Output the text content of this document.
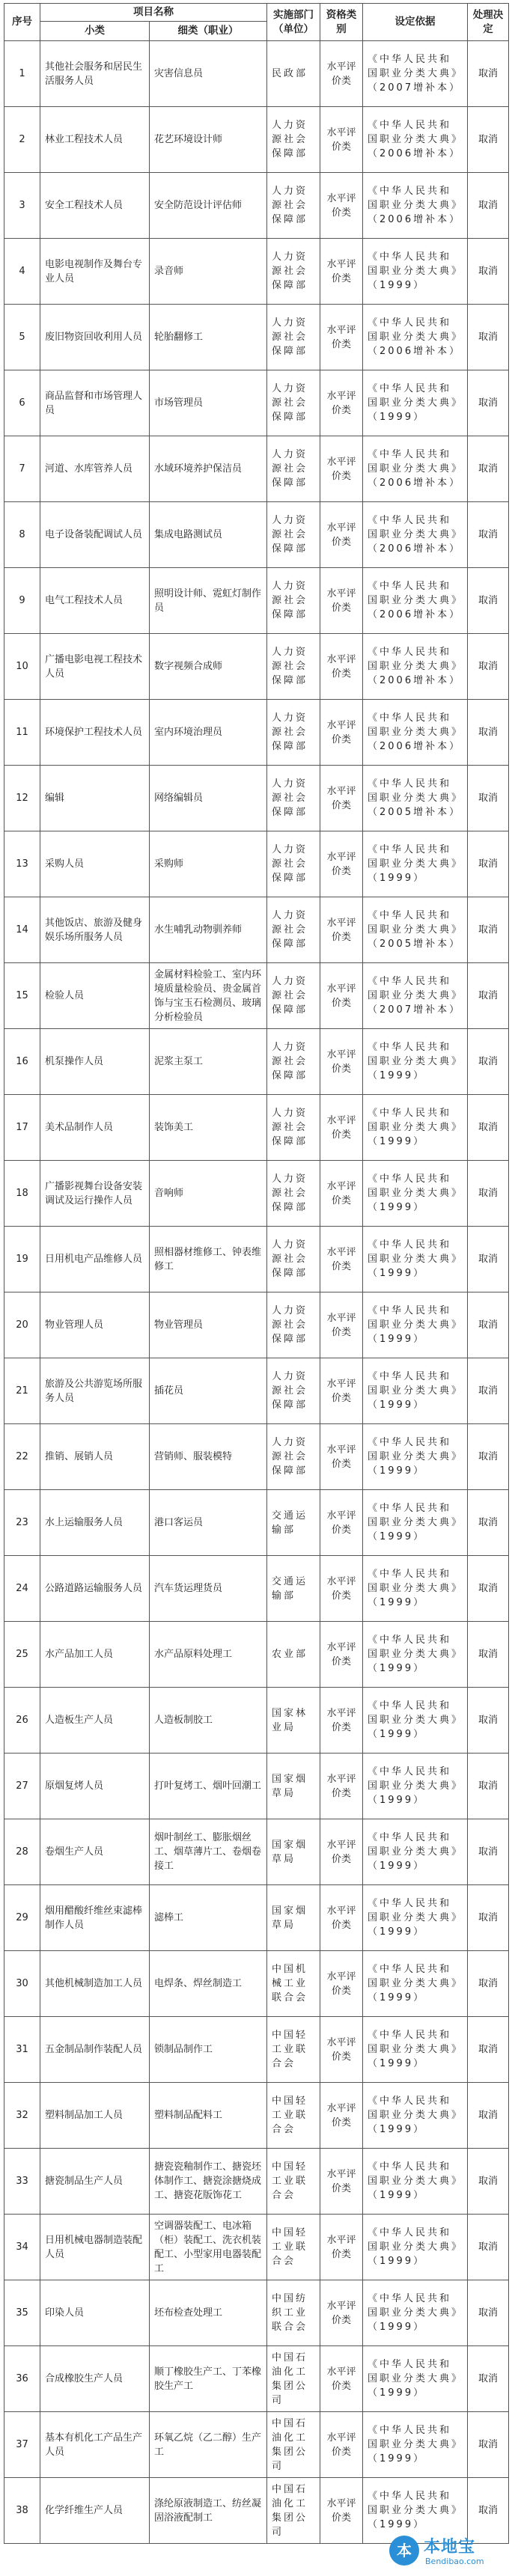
序号	项目名称		实施部门（单位）	资格类别	设定依据	处理决定
	小类	细类（职业）				
1	其他社会服务和居民生活服务人员	灾害信息员	民政部	水平评价类	《中华人民共和国职业分类大典》（2007增补本）	取消
2	林业工程技术人员	花艺环境设计师	人力资源社会保障部	水平评价类	《中华人民共和国职业分类大典》（2006增补本）	取消
3	安全工程技术人员	安全防范设计评估师	人力资源社会保障部	水平评价类	《中华人民共和国职业分类大典》（2006增补本）	取消
4	电影电视制作及舞台专业人员	录音师	人力资源社会保障部	水平评价类	《中华人民共和国职业分类大典》（1999）	取消
5	废旧物资回收利用人员	轮胎翻修工	人力资源社会保障部	水平评价类	《中华人民共和国职业分类大典》（2006增补本）	取消
6	商品监督和市场管理人员	市场管理员	人力资源社会保障部	水平评价类	《中华人民共和国职业分类大典》（1999）	取消
7	河道、水库管养人员	水域环境养护保洁员	人力资源社会保障部	水平评价类	《中华人民共和国职业分类大典》（2006增补本）	取消
8	电子设备装配调试人员	集成电路测试员	人力资源社会保障部	水平评价类	《中华人民共和国职业分类大典》（2006增补本）	取消
9	电气工程技术人员	照明设计师、霓虹灯制作员	人力资源社会保障部	水平评价类	《中华人民共和国职业分类大典》（2006增补本）	取消
10	广播电影电视工程技术人员	数字视频合成师	人力资源社会保障部	水平评价类	《中华人民共和国职业分类大典》（2006增补本）	取消
11	环境保护工程技术人员	室内环境治理员	人力资源社会保障部	水平评价类	《中华人民共和国职业分类大典》（2006增补本）	取消
12	编辑	网络编辑员	人力资源社会保障部	水平评价类	《中华人民共和国职业分类大典》（2005增补本）	取消
13	采购人员	采购师	人力资源社会保障部	水平评价类	《中华人民共和国职业分类大典》（1999）	取消
14	其他饭店、旅游及健身娱乐场所服务人员	水生哺乳动物驯养师	人力资源社会保障部	水平评价类	《中华人民共和国职业分类大典》（2005增补本）	取消
15	检验人员	金属材料检验工、室内环境质量检验员、贵金属首饰与宝玉石检测员、玻璃分析检验员	人力资源社会保障部	水平评价类	《中华人民共和国职业分类大典》（2007增补本）	取消
16	机泵操作人员	泥浆主泵工	人力资源社会保障部	水平评价类	《中华人民共和国职业分类大典》（1999）	取消
17	美术品制作人员	装饰美工	人力资源社会保障部	水平评价类	《中华人民共和国职业分类大典》（1999）	取消
18	广播影视舞台设备安装调试及运行操作人员	音响师	人力资源社会保障部	水平评价类	《中华人民共和国职业分类大典》（1999）	取消
19	日用机电产品维修人员	照相器材维修工、钟表维修工	人力资源社会保障部	水平评价类	《中华人民共和国职业分类大典》（1999）	取消
20	物业管理人员	物业管理员	人力资源社会保障部	水平评价类	《中华人民共和国职业分类大典》（1999）	取消
21	旅游及公共游览场所服务人员	插花员	人力资源社会保障部	水平评价类	《中华人民共和国职业分类大典》（1999）	取消
22	推销、展销人员	营销师、服装模特	人力资源社会保障部	水平评价类	《中华人民共和国职业分类大典》（1999）	取消
23	水上运输服务人员	港口客运员	交通运输部	水平评价类	《中华人民共和国职业分类大典》（1999）	取消
24	公路道路运输服务人员	汽车货运理货员	交通运输部	水平评价类	《中华人民共和国职业分类大典》（1999）	取消
25	水产品加工人员	水产品原料处理工	农业部	水平评价类	《中华人民共和国职业分类大典》（1999）	取消
26	人造板生产人员	人造板制胶工	国家林业局	水平评价类	《中华人民共和国职业分类大典》（1999）	取消
27	原烟复烤人员	打叶复烤工、烟叶回潮工	国家烟草局	水平评价类	《中华人民共和国职业分类大典》（1999）	取消
28	卷烟生产人员	烟叶制丝工、膨胀烟丝工、烟草薄片工、卷烟卷接工	国家烟草局	水平评价类	《中华人民共和国职业分类大典》（1999）	取消
29	烟用醋酸纤维丝束滤棒制作人员	滤棒工	国家烟草局	水平评价类	《中华人民共和国职业分类大典》（1999）	取消
30	其他机械制造加工人员	电焊条、焊丝制造工	中国机械工业联合会	水平评价类	《中华人民共和国职业分类大典》（1999）	取消
31	五金制品制作装配人员	锁制品制作工	中国轻工业联合会	水平评价类	《中华人民共和国职业分类大典》（1999）	取消
32	塑料制品加工人员	塑料制品配料工	中国轻工业联合会	水平评价类	《中华人民共和国职业分类大典》（1999）	取消
33	搪瓷制品生产人员	搪瓷瓷釉制作工、搪瓷坯体制作工、搪瓷涂搪烧成工、搪瓷花版饰花工	中国轻工业联合会	水平评价类	《中华人民共和国职业分类大典》（1999）	取消
34	日用机械电器制造装配人员	空调器装配工、电冰箱（柜）装配工、洗衣机装配工、小型家用电器装配工	中国轻工业联合会	水平评价类	《中华人民共和国职业分类大典》（1999）	取消
35	印染人员	坯布检查处理工	中国纺织工业联合会	水平评价类	《中华人民共和国职业分类大典》（1999）	取消
36	合成橡胶生产人员	顺丁橡胶生产工、丁苯橡胶生产工	中国石油化工集团公司	水平评价类	《中华人民共和国职业分类大典》（1999）	取消
37	基本有机化工产品生产人员	环氧乙烷（乙二醇）生产工	中国石油化工集团公司	水平评价类	《中华人民共和国职业分类大典》（1999）	取消
38	化学纤维生产人员	涤纶原液制造工、纺丝凝固浴液配制工	中国石油化工集团公司	水平评价类	《中华人民共和国职业分类大典》（1999）	取消
本 本地宝
Bendibao.com
